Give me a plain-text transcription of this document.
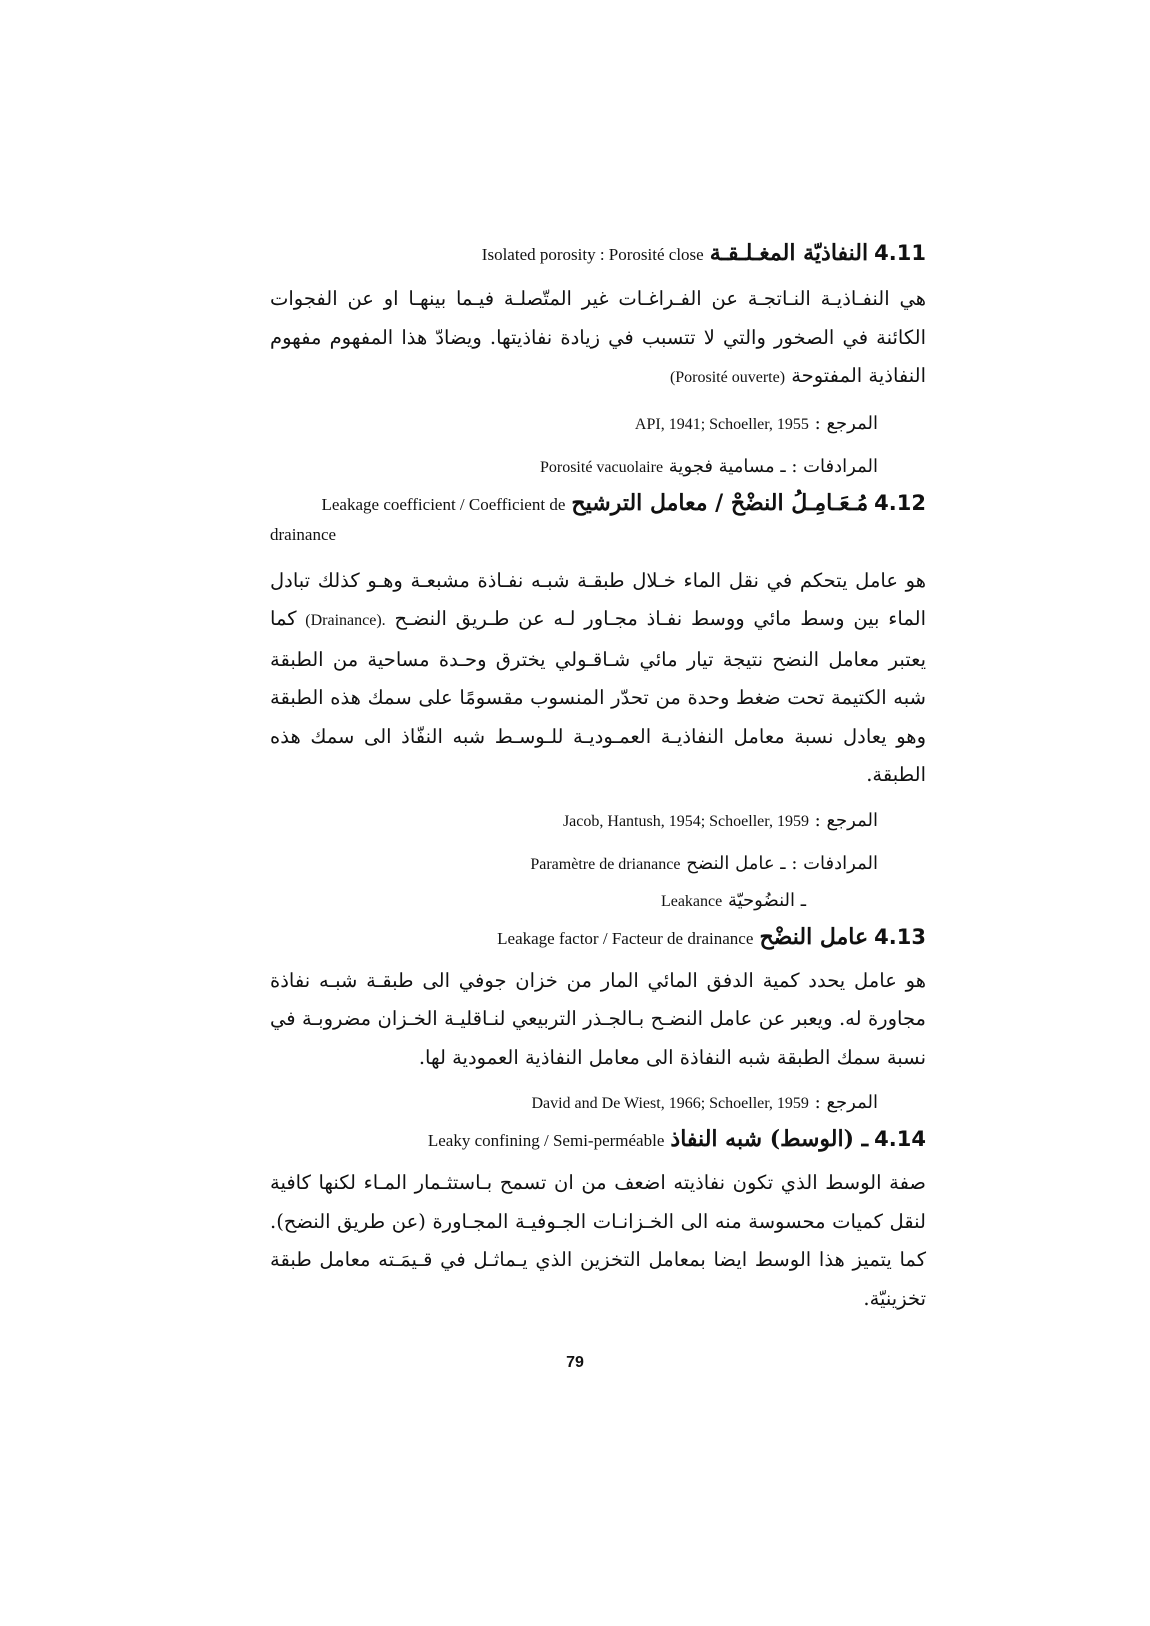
4.11 النفاذيّة المغـلـقـة Isolated porosity : Porosité close

هي النفـاذيـة النـاتجـة عن الفـراغـات غير المتّصلـة فيـما بينهـا او عن الفجوات الكائنة في الصخور والتي لا تتسبب في زيادة نفاذيتها. ويضادّ هذا المفهوم مفهوم النفاذية المفتوحة (Porosité ouverte)

المرجع : API, 1941; Schoeller, 1955

المرادفات : ـ مسامية فجوية Porosité vacuolaire

4.12 مُـعَـامِـلُ النضْحْ / معامل الترشيح Leakage coefficient / Coefficient de

drainance

هو عامل يتحكم في نقل الماء خـلال طبقـة شبـه نفـاذة مشبعـة وهـو كذلك تبادل الماء بين وسط مائي ووسط نفـاذ مجـاور لـه عن طـريق النضـح (Drainance). كما يعتبر معامل النضح نتيجة تيار مائي شـاقـولي يخترق وحـدة مساحية من الطبقة شبه الكتيمة تحت ضغط وحدة من تحدّر المنسوب مقسومًا على سمك هذه الطبقة وهو يعادل نسبة معامل النفاذيـة العمـوديـة للـوسـط شبه النفّاذ الى سمك هذه الطبقة.

المرجع : Jacob, Hantush, 1954; Schoeller, 1959

المرادفات : ـ عامل النضح Paramètre de drianance

ـ النضُوحيّة Leakance

4.13 عامل النضْح Leakage factor / Facteur de drainance

هو عامل يحدد كمية الدفق المائي المار من خزان جوفي الى طبقـة شبـه نفاذة مجاورة له. ويعبر عن عامل النضـح بـالجـذر التربيعي لنـاقليـة الخـزان مضروبـة في نسبة سمك الطبقة شبه النفاذة الى معامل النفاذية العمودية لها.

المرجع : David and De Wiest, 1966; Schoeller, 1959

4.14 ـ (الوسط) شبه النفاذ Leaky confining / Semi-perméable

صفة الوسط الذي تكون نفاذيته اضعف من ان تسمح بـاستثـمار المـاء لكنها كافية لنقل كميات محسوسة منه الى الخـزانـات الجـوفيـة المجـاورة (عن طريق النضح). كما يتميز هذا الوسط ايضا بمعامل التخزين الذي يـماثـل في قـيمَـته معامل طبقة تخزينيّة.

79
